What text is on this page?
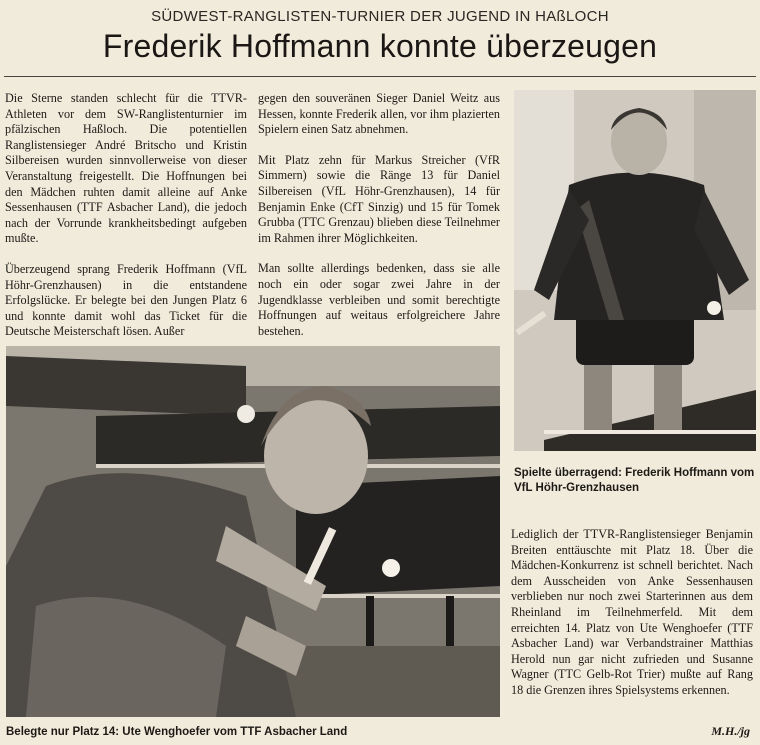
SÜDWEST-RANGLISTEN-TURNIER DER JUGEND IN HAßLOCH
Frederik Hoffmann konnte überzeugen

Die Sterne standen schlecht für die TTVR-Athleten vor dem SW-Ranglistenturnier im pfälzischen Haßloch. Die potentiellen Ranglistensieger André Britscho und Kristin Silbereisen wurden sinnvollerweise von dieser Veranstaltung freigestellt. Die Hoffnungen bei den Mädchen ruhten damit alleine auf Anke Sessenhausen (TTF Asbacher Land), die jedoch nach der Vorrunde krankheitsbedingt aufgeben mußte.

Überzeugend sprang Frederik Hoffmann (VfL Höhr-Grenzhausen) in die entstandene Erfolgslücke. Er belegte bei den Jungen Platz 6 und konnte damit wohl das Ticket für die Deutsche Meisterschaft lösen. Außer

gegen den souveränen Sieger Daniel Weitz aus Hessen, konnte Frederik allen, vor ihm plazierten Spielern einen Satz abnehmen.

Mit Platz zehn für Markus Streicher (VfR Simmern) sowie die Ränge 13 für Daniel Silbereisen (VfL Höhr-Grenzhausen), 14 für Benjamin Enke (CfT Sinzig) und 15 für Tomek Grubba (TTC Grenzau) blieben diese Teilnehmer im Rahmen ihrer Möglichkeiten.

Man sollte allerdings bedenken, dass sie alle noch ein oder sogar zwei Jahre in der Jugendklasse verbleiben und somit berechtigte Hoffnungen auf weitaus erfolgreichere Jahre bestehen.

Spielte überragend: Frederik Hoffmann vom VfL Höhr-Grenzhausen

Lediglich der TTVR-Ranglistensieger Benjamin Breiten enttäuschte mit Platz 18. Über die Mädchen-Konkurrenz ist schnell berichtet. Nach dem Ausscheiden von Anke Sessenhausen verblieben nur noch zwei Starterinnen aus dem Rheinland im Teilnehmerfeld. Mit dem erreichten 14. Platz von Ute Wenghoefer (TTF Asbacher Land) war Verbandstrainer Matthias Herold nun gar nicht zufrieden und Susanne Wagner (TTC Gelb-Rot Trier) mußte auf Rang 18 die Grenzen ihres Spielsystems erkennen.

Belegte nur Platz 14: Ute Wenghoefer vom TTF Asbacher Land	M.H./jg
